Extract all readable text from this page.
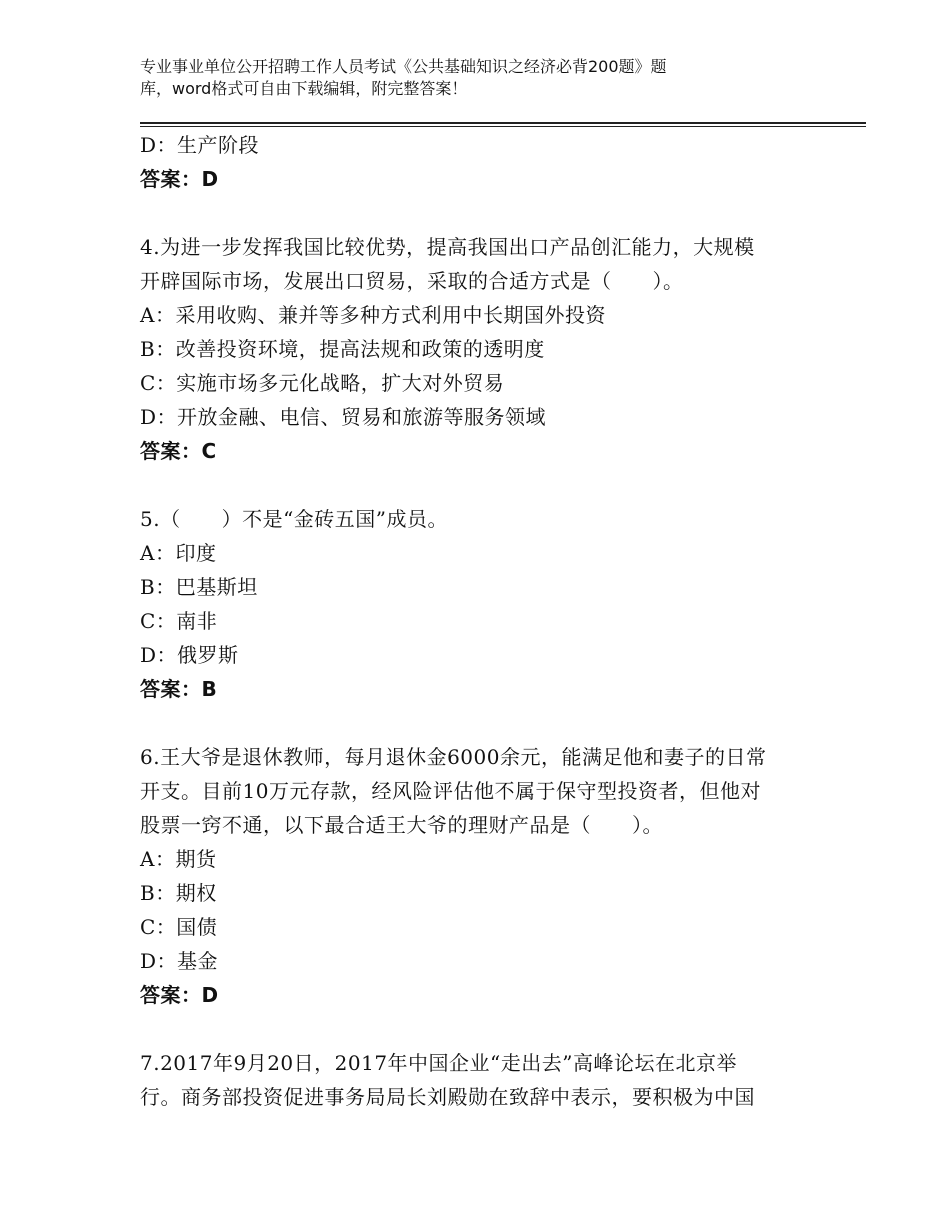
专业事业单位公开招聘工作人员考试《公共基础知识之经济必背200题》题
库，word格式可自由下载编辑，附完整答案！
D：生产阶段
答案：D
4.为进一步发挥我国比较优势，提高我国出口产品创汇能力，大规模
开辟国际市场，发展出口贸易，采取的合适方式是（　　）。
A：采用收购、兼并等多种方式利用中长期国外投资
B：改善投资环境，提高法规和政策的透明度
C：实施市场多元化战略，扩大对外贸易
D：开放金融、电信、贸易和旅游等服务领域
答案：C
5.（　　）不是“金砖五国”成员。
A：印度
B：巴基斯坦
C：南非
D：俄罗斯
答案：B
6.王大爷是退休教师，每月退休金6000余元，能满足他和妻子的日常
开支。目前10万元存款，经风险评估他不属于保守型投资者，但他对
股票一窍不通，以下最合适王大爷的理财产品是（　　）。
A：期货
B：期权
C：国债
D：基金
答案：D
7.2017年9月20日，2017年中国企业“走出去”高峰论坛在北京举
行。商务部投资促进事务局局长刘殿勋在致辞中表示，要积极为中国
